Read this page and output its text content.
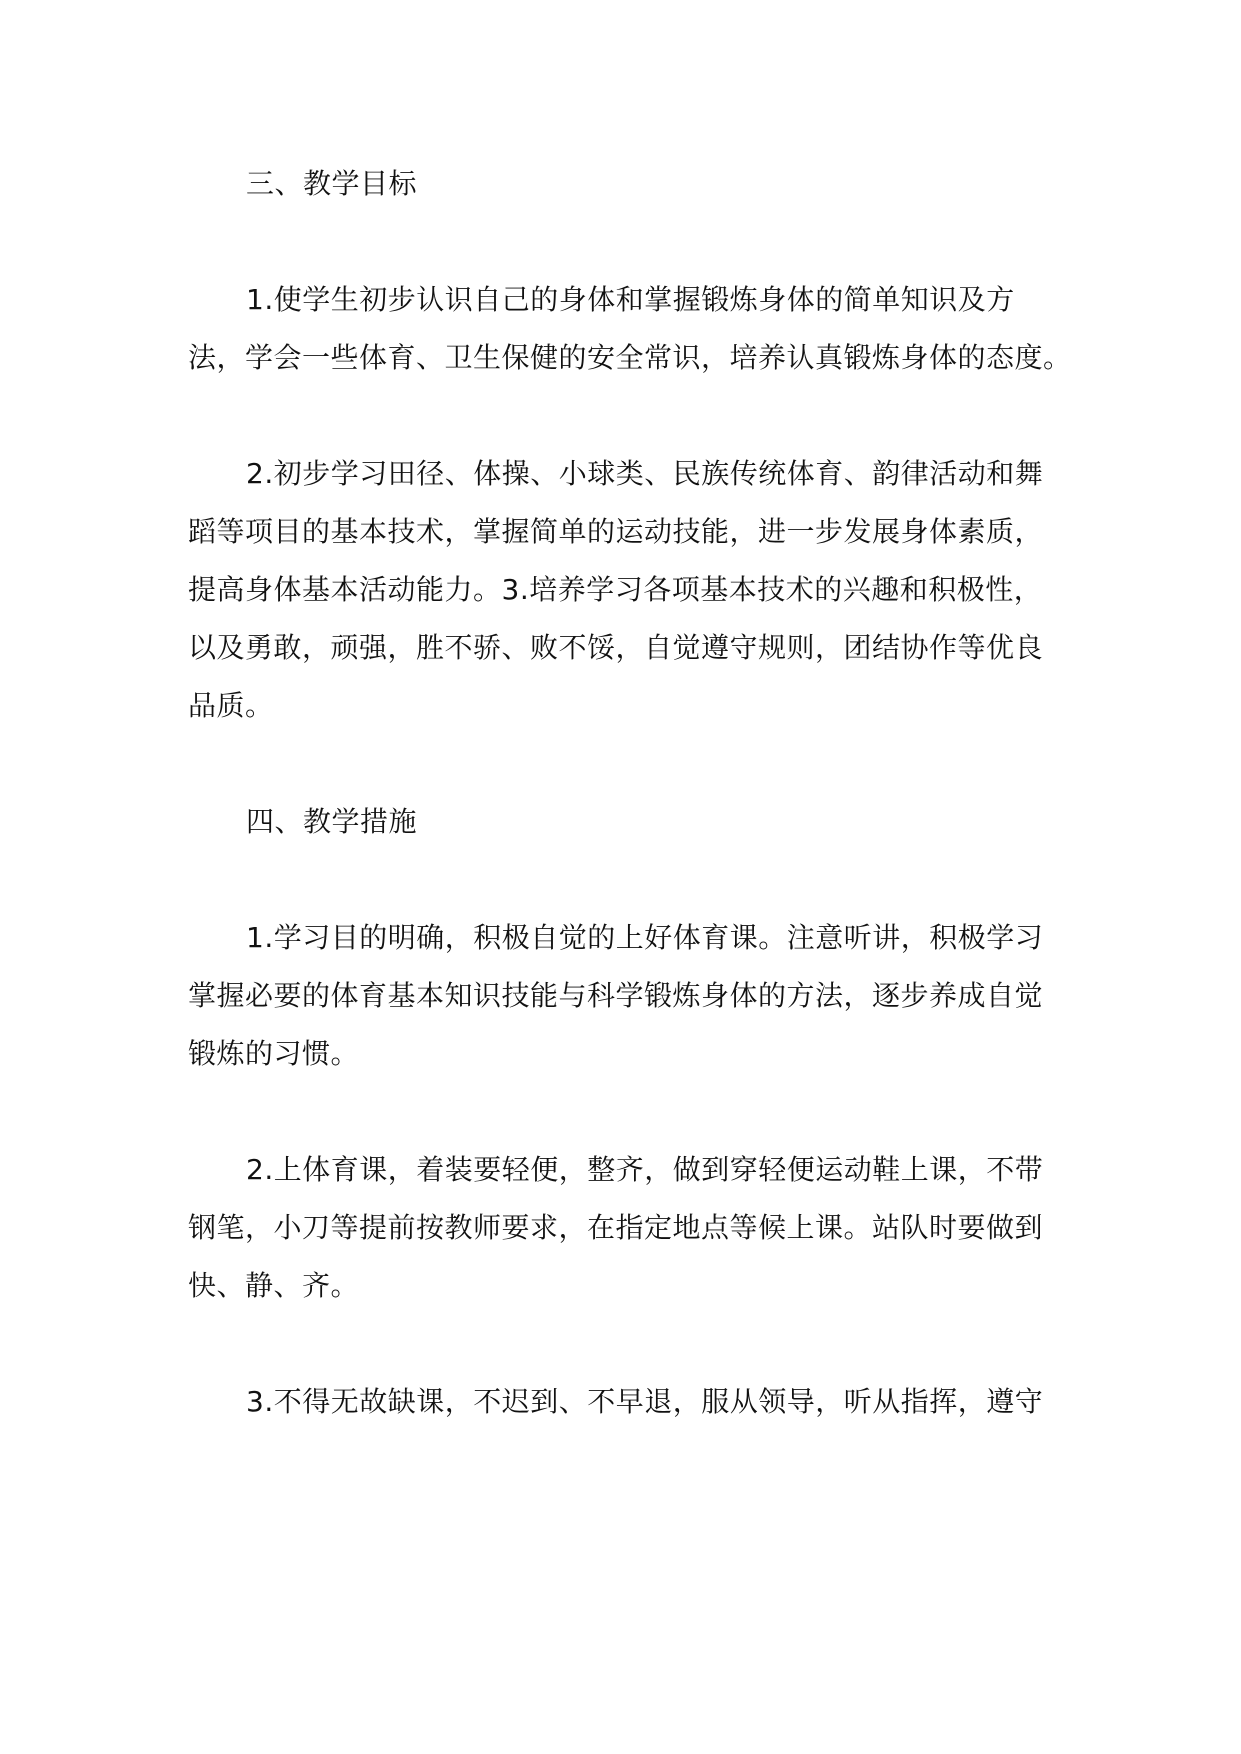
三、教学目标
1.使学生初步认识自己的身体和掌握锻炼身体的简单知识及方
法，学会一些体育、卫生保健的安全常识，培养认真锻炼身体的态度。
2.初步学习田径、体操、小球类、民族传统体育、韵律活动和舞
蹈等项目的基本技术，掌握简单的运动技能，进一步发展身体素质，
提高身体基本活动能力。3.培养学习各项基本技术的兴趣和积极性，
以及勇敢，顽强，胜不骄、败不馁，自觉遵守规则，团结协作等优良
品质。
四、教学措施
1.学习目的明确，积极自觉的上好体育课。注意听讲，积极学习
掌握必要的体育基本知识技能与科学锻炼身体的方法，逐步养成自觉
锻炼的习惯。
2.上体育课，着装要轻便，整齐，做到穿轻便运动鞋上课，不带
钢笔，小刀等提前按教师要求，在指定地点等候上课。站队时要做到
快、静、齐。
3.不得无故缺课，不迟到、不早退，服从领导，听从指挥，遵守
